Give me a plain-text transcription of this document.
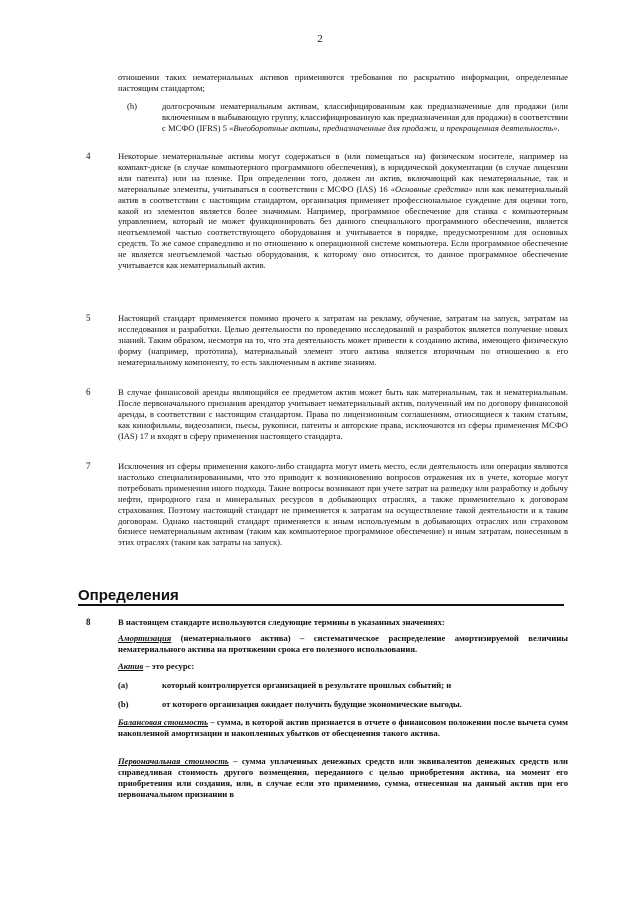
2
отношении таких нематериальных активов применяются требования по раскрытию информации, определенные настоящим стандартом;
(h)	долгосрочным нематериальным активам, классифицированным как предназначенные для продажи (или включенным в выбывающую группу, классифицированную как предназначенная для продажи) в соответствии с МСФО (IFRS) 5 «Внеоборотные активы, предназначенные для продажи, и прекращенная деятельность».
4	Некоторые нематериальные активы могут содержаться в (или помещаться на) физическом носителе, например на компакт-диске (в случае компьютерного программного обеспечения), в юридической документации (в случае лицензии или патента) или на пленке. При определении того, должен ли актив, включающий как нематериальные, так и материальные элементы, учитываться в соответствии с МСФО (IAS) 16 «Основные средства» или как нематериальный актив в соответствии с настоящим стандартом, организация применяет профессиональное суждение для оценки того, какой из элементов является более значимым. Например, программное обеспечение для станка с компьютерным управлением, который не может функционировать без данного специального программного обеспечения, является неотъемлемой частью соответствующего оборудования и учитывается в порядке, предусмотренном для основных средств. То же самое справедливо и по отношению к операционной системе компьютера. Если программное обеспечение не является неотъемлемой частью оборудования, к которому оно относится, то данное программное обеспечение учитывается как нематериальный актив.
5	Настоящий стандарт применяется помимо прочего к затратам на рекламу, обучение, затратам на запуск, затратам на исследования и разработки. Целью деятельности по проведению исследований и разработок является получение новых знаний. Таким образом, несмотря на то, что эта деятельность может привести к созданию актива, имеющего физическую форму (например, прототипа), материальный элемент этого актива является вторичным по отношению к его нематериальному компоненту, то есть заключенным в активе знаниям.
6	В случае финансовой аренды являющийся ее предметом актив может быть как материальным, так и нематериальным. После первоначального признания арендатор учитывает нематериальный актив, полученный им по договору финансовой аренды, в соответствии с настоящим стандартом. Права по лицензионным соглашениям, относящиеся к таким статьям, как кинофильмы, видеозаписи, пьесы, рукописи, патенты и авторские права, исключаются из сферы применения МСФО (IAS) 17 и входят в сферу применения настоящего стандарта.
7	Исключения из сферы применения какого-либо стандарта могут иметь место, если деятельность или операции являются настолько специализированными, что это приводит к возникновению вопросов отражения их в учете, которые могут потребовать применения иного подхода. Такие вопросы возникают при учете затрат на разведку или разработку и добычу нефти, природного газа и минеральных ресурсов в добывающих отраслях, а также применительно к договорам страхования. Поэтому настоящий стандарт не применяется к затратам на осуществление такой деятельности и к таким договорам. Однако настоящий стандарт применяется к иным используемым в добывающих отраслях или страховом бизнесе нематериальным активам (таким как компьютерное программное обеспечение) и иным затратам, понесенным в этих отраслях (таким как затраты на запуск).
Определения
8	В настоящем стандарте используются следующие термины в указанных значениях:
Амортизация (нематериального актива) – систематическое распределение амортизируемой величины нематериального актива на протяжении срока его полезного использования.
Актив – это ресурс:
(a)	который контролируется организацией в результате прошлых событий; и
(b)	от которого организация ожидает получить будущие экономические выгоды.
Балансовая стоимость – сумма, в которой актив признается в отчете о финансовом положении после вычета сумм накопленной амортизации и накопленных убытков от обесценения такого актива.
Первоначальная стоимость – сумма уплаченных денежных средств или эквивалентов денежных средств или справедливая стоимость другого возмещения, переданного с целью приобретения актива, на момент его приобретения или создания, или, в случае если это применимо, сумма, отнесенная на данный актив при его первоначальном признании в
